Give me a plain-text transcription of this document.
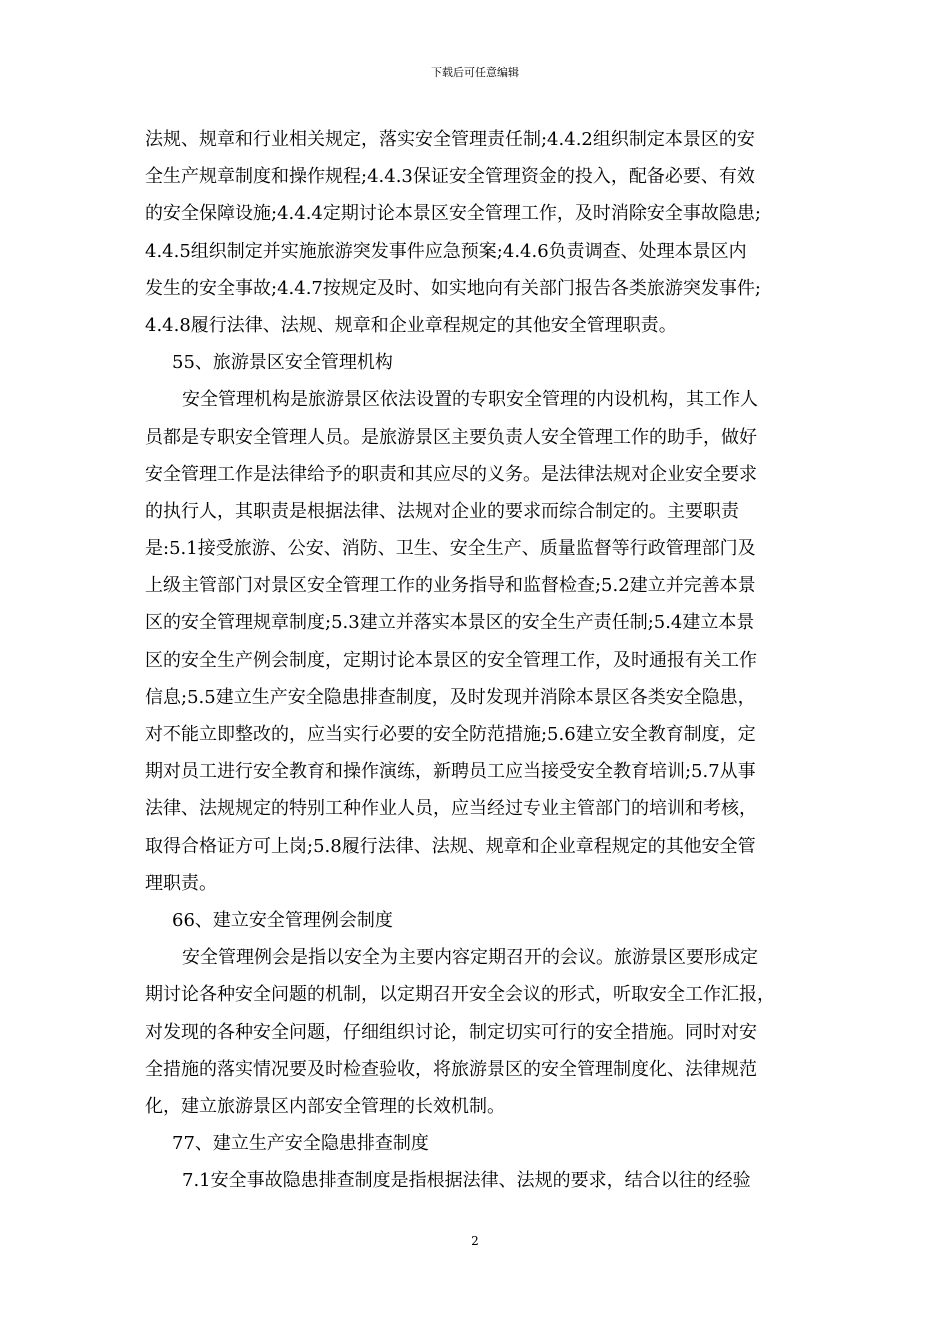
下载后可任意编辑
法规、规章和行业相关规定，落实安全管理责任制;4.4.2组织制定本景区的安
全生产规章制度和操作规程;4.4.3保证安全管理资金的投入，配备必要、有效
的安全保障设施;4.4.4定期讨论本景区安全管理工作，及时消除安全事故隐患;
4.4.5组织制定并实施旅游突发事件应急预案;4.4.6负责调查、处理本景区内
发生的安全事故;4.4.7按规定及时、如实地向有关部门报告各类旅游突发事件;
4.4.8履行法律、法规、规章和企业章程规定的其他安全管理职责。
55、旅游景区安全管理机构
安全管理机构是旅游景区依法设置的专职安全管理的内设机构，其工作人
员都是专职安全管理人员。是旅游景区主要负责人安全管理工作的助手，做好
安全管理工作是法律给予的职责和其应尽的义务。是法律法规对企业安全要求
的执行人，其职责是根据法律、法规对企业的要求而综合制定的。主要职责
是:5.1接受旅游、公安、消防、卫生、安全生产、质量监督等行政管理部门及
上级主管部门对景区安全管理工作的业务指导和监督检查;5.2建立并完善本景
区的安全管理规章制度;5.3建立并落实本景区的安全生产责任制;5.4建立本景
区的安全生产例会制度，定期讨论本景区的安全管理工作，及时通报有关工作
信息;5.5建立生产安全隐患排查制度，及时发现并消除本景区各类安全隐患，
对不能立即整改的，应当实行必要的安全防范措施;5.6建立安全教育制度，定
期对员工进行安全教育和操作演练，新聘员工应当接受安全教育培训;5.7从事
法律、法规规定的特别工种作业人员，应当经过专业主管部门的培训和考核，
取得合格证方可上岗;5.8履行法律、法规、规章和企业章程规定的其他安全管
理职责。
66、建立安全管理例会制度
安全管理例会是指以安全为主要内容定期召开的会议。旅游景区要形成定
期讨论各种安全问题的机制，以定期召开安全会议的形式，听取安全工作汇报，
对发现的各种安全问题，仔细组织讨论，制定切实可行的安全措施。同时对安
全措施的落实情况要及时检查验收，将旅游景区的安全管理制度化、法律规范
化，建立旅游景区内部安全管理的长效机制。
77、建立生产安全隐患排查制度
7.1安全事故隐患排查制度是指根据法律、法规的要求，结合以往的经验
2
